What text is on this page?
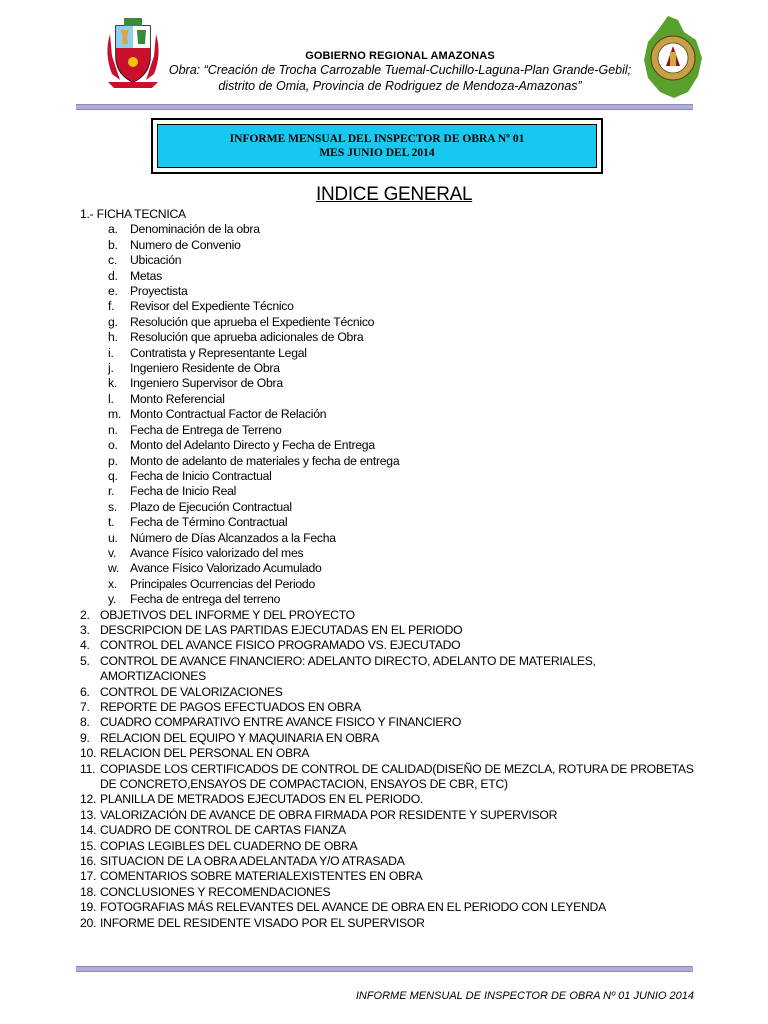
GOBIERNO REGIONAL AMAZONAS
Obra: “Creación de Trocha Carrozable Tuemal-Cuchillo-Laguna-Plan Grande-Gebil;
distrito de Omia, Provincia de Rodriguez de Mendoza-Amazonas”
INFORME MENSUAL DEL INSPECTOR DE OBRA Nº 01
MES JUNIO DEL 2014
INDICE GENERAL
1.- FICHA TECNICA
a. Denominación de la obra
b. Numero de Convenio
c. Ubicación
d. Metas
e. Proyectista
f. Revisor del Expediente Técnico
g. Resolución que aprueba el Expediente Técnico
h. Resolución que aprueba adicionales de Obra
i. Contratista y Representante Legal
j. Ingeniero Residente de Obra
k. Ingeniero Supervisor de Obra
l. Monto Referencial
m. Monto Contractual Factor de Relación
n. Fecha de Entrega de Terreno
o. Monto del Adelanto Directo y Fecha de Entrega
p. Monto de adelanto de materiales y fecha de entrega
q. Fecha de Inicio Contractual
r. Fecha de Inicio Real
s. Plazo de Ejecución Contractual
t. Fecha de Término Contractual
u. Número de Días Alcanzados a la Fecha
v. Avance Físico valorizado del mes
w. Avance Físico Valorizado Acumulado
x. Principales Ocurrencias del Periodo
y. Fecha de entrega del terreno
2. OBJETIVOS DEL INFORME Y DEL PROYECTO
3. DESCRIPCION DE LAS PARTIDAS EJECUTADAS EN EL PERIODO
4. CONTROL DEL AVANCE FISICO PROGRAMADO VS. EJECUTADO
5. CONTROL DE AVANCE FINANCIERO: ADELANTO DIRECTO, ADELANTO DE MATERIALES,
AMORTIZACIONES
6. CONTROL DE VALORIZACIONES
7. REPORTE DE PAGOS EFECTUADOS EN OBRA
8. CUADRO COMPARATIVO ENTRE AVANCE FISICO Y FINANCIERO
9. RELACION DEL EQUIPO Y MAQUINARIA EN OBRA
10. RELACION DEL PERSONAL EN OBRA
11. COPIASDE LOS CERTIFICADOS DE CONTROL DE CALIDAD(DISEÑO DE MEZCLA, ROTURA DE PROBETAS
DE CONCRETO,ENSAYOS DE COMPACTACION, ENSAYOS DE CBR, ETC)
12. PLANILLA DE METRADOS EJECUTADOS EN EL PERIODO.
13. VALORIZACIÓN DE AVANCE DE OBRA FIRMADA POR RESIDENTE Y SUPERVISOR
14. CUADRO DE CONTROL DE CARTAS FIANZA
15. COPIAS LEGIBLES DEL CUADERNO DE OBRA
16. SITUACION DE LA OBRA ADELANTADA Y/O ATRASADA
17. COMENTARIOS SOBRE MATERIALEXISTENTES EN OBRA
18. CONCLUSIONES Y RECOMENDACIONES
19. FOTOGRAFIAS MÁS RELEVANTES DEL AVANCE DE OBRA EN EL PERIODO CON LEYENDA
20. INFORME DEL RESIDENTE VISADO POR EL SUPERVISOR
INFORME MENSUAL DE INSPECTOR DE OBRA Nº 01 JUNIO 2014
